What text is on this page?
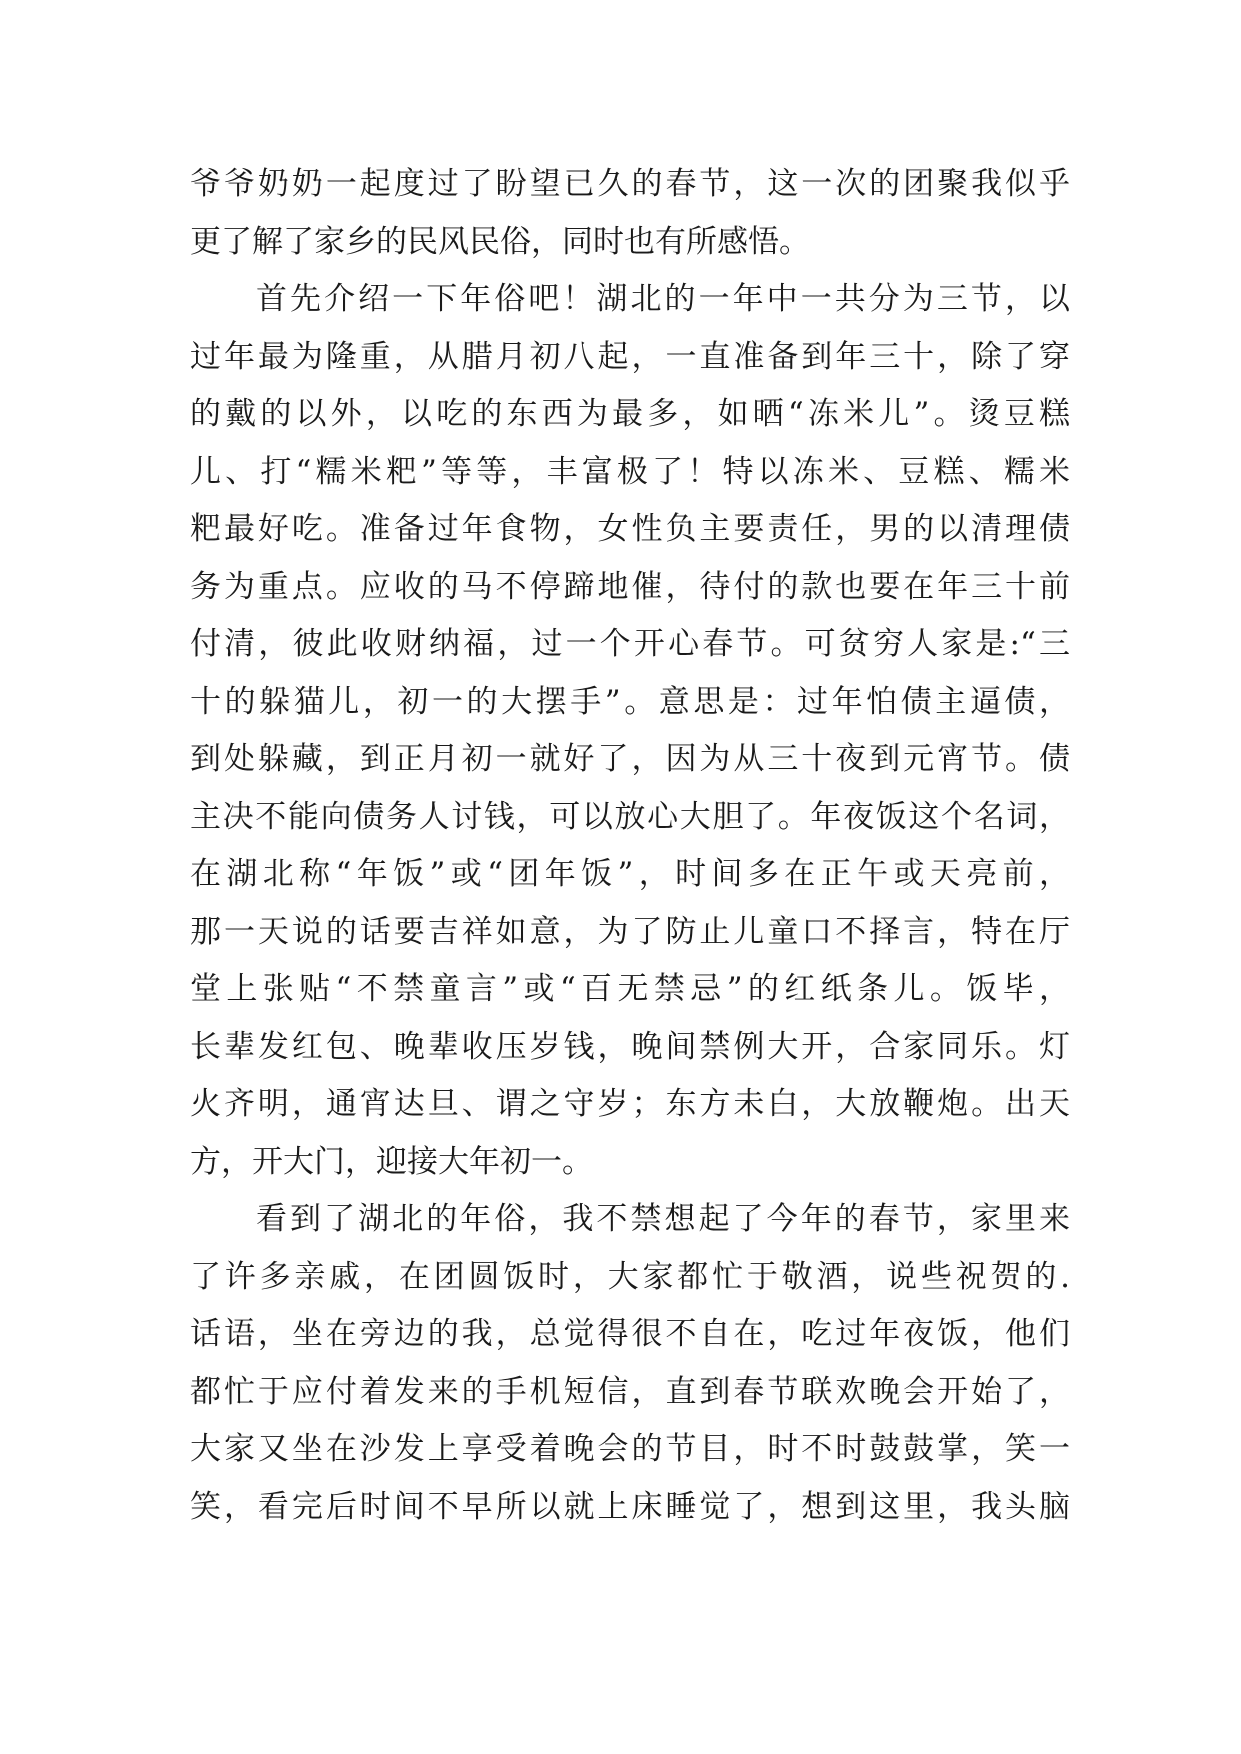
爷爷奶奶一起度过了盼望已久的春节，这一次的团聚我似乎
更了解了家乡的民风民俗，同时也有所感悟。
首先介绍一下年俗吧！湖北的一年中一共分为三节，以
过年最为隆重，从腊月初八起，一直准备到年三十，除了穿
的戴的以外，以吃的东西为最多，如晒“冻米儿”。烫豆糕
儿、打“糯米粑”等等，丰富极了！特以冻米、豆糕、糯米
粑最好吃。准备过年食物，女性负主要责任，男的以清理债
务为重点。应收的马不停蹄地催，待付的款也要在年三十前
付清，彼此收财纳福，过一个开心春节。可贫穷人家是:“三
十的躲猫儿，初一的大摆手”。意思是：过年怕债主逼债，
到处躲藏，到正月初一就好了，因为从三十夜到元宵节。债
主决不能向债务人讨钱，可以放心大胆了。年夜饭这个名词，
在湖北称“年饭”或“团年饭”，时间多在正午或天亮前，
那一天说的话要吉祥如意，为了防止儿童口不择言，特在厅
堂上张贴“不禁童言”或“百无禁忌”的红纸条儿。饭毕，
长辈发红包、晚辈收压岁钱，晚间禁例大开，合家同乐。灯
火齐明，通宵达旦、谓之守岁；东方未白，大放鞭炮。出天
方，开大门，迎接大年初一。
看到了湖北的年俗，我不禁想起了今年的春节，家里来
了许多亲戚，在团圆饭时，大家都忙于敬酒，说些祝贺的.
话语，坐在旁边的我，总觉得很不自在，吃过年夜饭，他们
都忙于应付着发来的手机短信，直到春节联欢晚会开始了，
大家又坐在沙发上享受着晚会的节目，时不时鼓鼓掌，笑一
笑，看完后时间不早所以就上床睡觉了，想到这里，我头脑
